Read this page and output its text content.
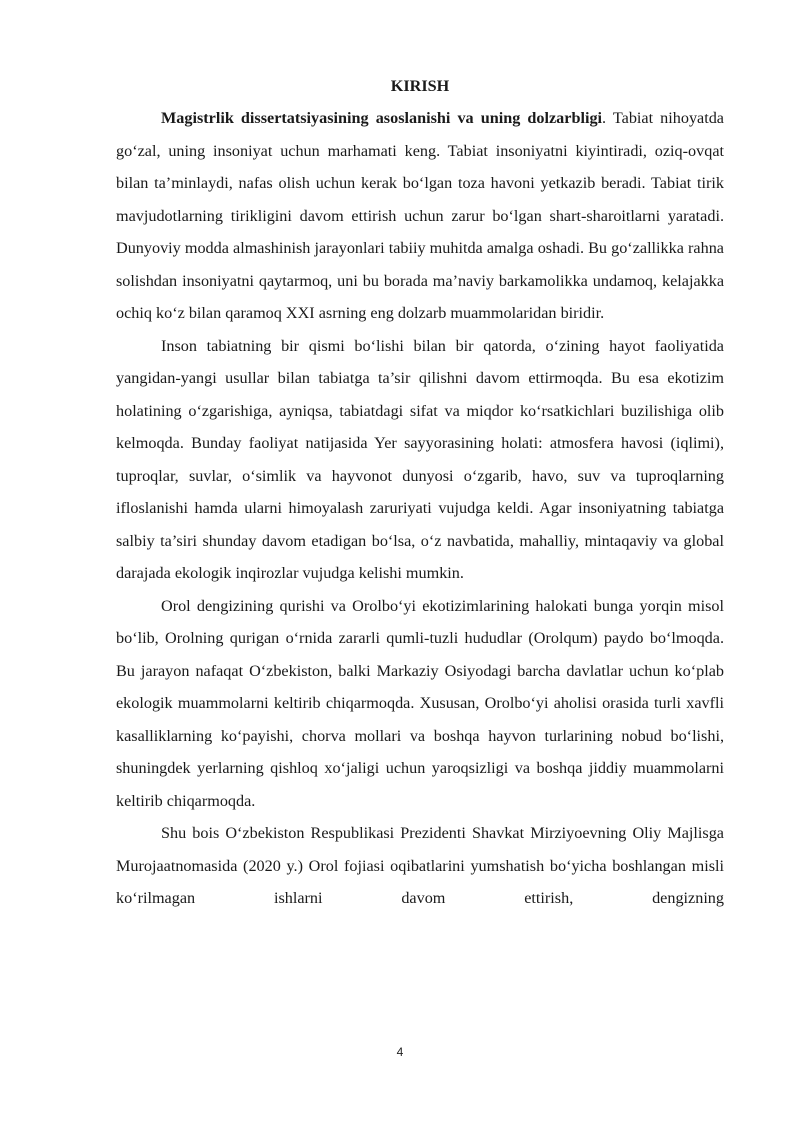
KIRISH

Magistrlik dissertatsiyasining asoslanishi va uning dolzarbligi. Tabiat nihoyatda go‘zal, uning insoniyat uchun marhamati keng. Tabiat insoniyatni kiyintiradi, oziq-ovqat bilan ta’minlaydi, nafas olish uchun kerak bo‘lgan toza havoni yetkazib beradi. Tabiat tirik mavjudotlarning tirikligini davom ettirish uchun zarur bo‘lgan shart-sharoitlarni yaratadi. Dunyoviy modda almashinish jarayonlari tabiiy muhitda amalga oshadi. Bu go‘zallikka rahna solishdan insoniyatni qaytarmoq, uni bu borada ma’naviy barkamolikka undamoq, kelajakka ochiq ko‘z bilan qaramoq XXI asrning eng dolzarb muammolaridan biridir.

Inson tabiatning bir qismi bo‘lishi bilan bir qatorda, o‘zining hayot faoliyatida yangidan-yangi usullar bilan tabiatga ta’sir qilishni davom ettirmoqda. Bu esa ekotizim holatining o‘zgarishiga, ayniqsa, tabiatdagi sifat va miqdor ko‘rsatkichlari buzilishiga olib kelmoqda. Bunday faoliyat natijasida Yer sayyorasining holati: atmosfera havosi (iqlimi), tuproqlar, suvlar, o‘simlik va hayvonot dunyosi o‘zgarib, havo, suv va tuproqlarning ifloslanishi hamda ularni himoyalash zaruriyati vujudga keldi. Agar insoniyatning tabiatga salbiy ta’siri shunday davom etadigan bo‘lsa, o‘z navbatida, mahalliy, mintaqaviy va global darajada ekologik inqirozlar vujudga kelishi mumkin.

Orol dengizining qurishi va Orolbo‘yi ekotizimlarining halokati bunga yorqin misol bo‘lib, Orolning qurigan o‘rnida zararli qumli-tuzli hududlar (Orolqum) paydo bo‘lmoqda. Bu jarayon nafaqat O‘zbekiston, balki Markaziy Osiyodagi barcha davlatlar uchun ko‘plab ekologik muammolarni keltirib chiqarmoqda. Xususan, Orolbo‘yi aholisi orasida turli xavfli kasalliklarning ko‘payishi, chorva mollari va boshqa hayvon turlarining nobud bo‘lishi, shuningdek yerlarning qishloq xo‘jaligi uchun yaroqsizligi va boshqa jiddiy muammolarni keltirib chiqarmoqda.

Shu bois O‘zbekiston Respublikasi Prezidenti Shavkat Mirziyoevning Oliy Majlisga Murojaatnomasida (2020 y.) Orol fojiasi oqibatlarini yumshatish bo‘yicha boshlangan misli ko‘rilmagan ishlarni davom ettirish, dengizning

4
